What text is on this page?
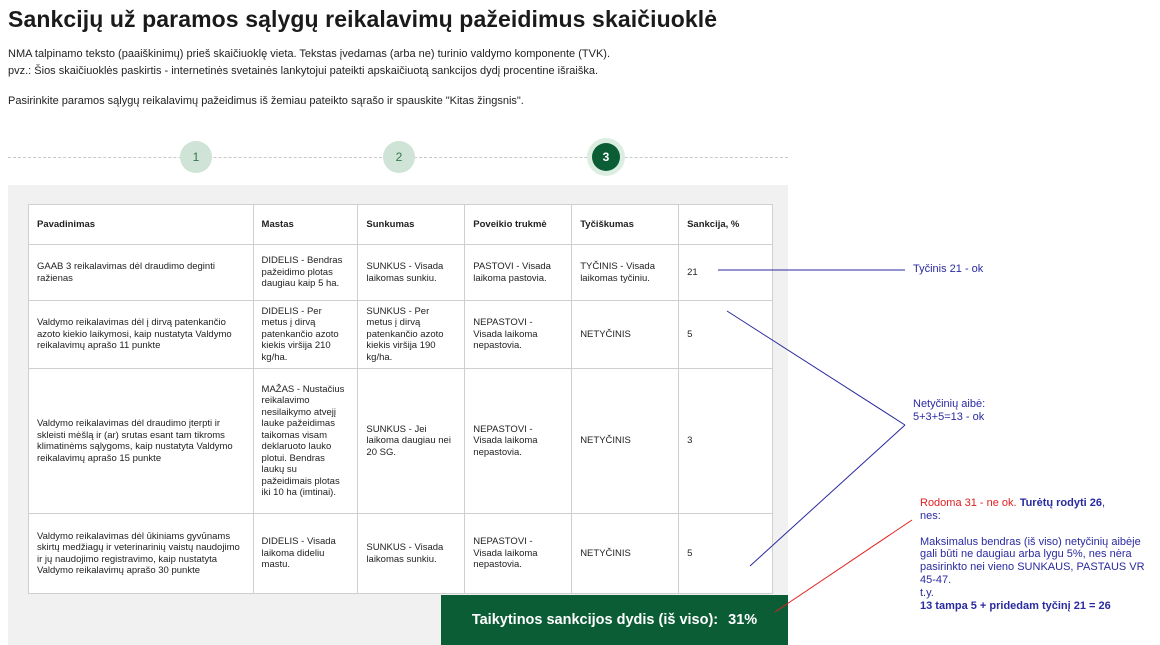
Sankcijų už paramos sąlygų reikalavimų pažeidimus skaičiuoklė
NMA talpinamo teksto (paaiškinimų) prieš skaičiuoklę vieta. Tekstas įvedamas (arba ne) turinio valdymo komponente (TVK).
pvz.: Šios skaičiuoklės paskirtis - internetinės svetainės lankytojui pateikti apskaičiuotą sankcijos dydį procentine išraiška.
Pasirinkite paramos sąlygų reikalavimų pažeidimus iš žemiau pateikto sąrašo ir spauskite "Kitas žingsnis".
1	2	3
Pavadinimas	Mastas	Sunkumas	Poveikio trukmė	Tyčiškumas	Sankcija, %
GAAB 3 reikalavimas dėl draudimo deginti ražienas	DIDELIS - Bendras pažeidimo plotas daugiau kaip 5 ha.	SUNKUS - Visada laikomas sunkiu.	PASTOVI - Visada laikoma pastovia.	TYČINIS - Visada laikomas tyčiniu.	21
Valdymo reikalavimas dėl į dirvą patenkančio azoto kiekio laikymosi, kaip nustatyta Valdymo reikalavimų aprašo 11 punkte	DIDELIS - Per metus į dirvą patenkančio azoto kiekis viršija 210 kg/ha.	SUNKUS - Per metus į dirvą patenkančio azoto kiekis viršija 190 kg/ha.	NEPASTOVI - Visada laikoma nepastovia.	NETYČINIS	5
Valdymo reikalavimas dėl draudimo įterpti ir skleisti mėšlą ir (ar) srutas esant tam tikroms klimatinėms sąlygoms, kaip nustatyta Valdymo reikalavimų aprašo 15 punkte	MAŽAS - Nustačius reikalavimo nesilaikymo atvejį lauke pažeidimas taikomas visam deklaruoto lauko plotui. Bendras laukų su pažeidimais plotas iki 10 ha (imtinai).	SUNKUS - Jei laikoma daugiau nei 20 SG.	NEPASTOVI - Visada laikoma nepastovia.	NETYČINIS	3
Valdymo reikalavimas dėl ūkiniams gyvūnams skirtų medžiagų ir veterinarinių vaistų naudojimo ir jų naudojimo registravimo, kaip nustatyta Valdymo reikalavimų aprašo 30 punkte	DIDELIS - Visada laikoma dideliu mastu.	SUNKUS - Visada laikomas sunkiu.	NEPASTOVI - Visada laikoma nepastovia.	NETYČINIS	5
Taikytinos sankcijos dydis (iš viso): 31%
Tyčinis 21 - ok
Netyčinių aibė:
5+3+5=13 - ok
Rodoma 31 - ne ok. Turėtų rodyti 26,
nes:
Maksimalus bendras (iš viso) netyčinių aibėje gali būti ne daugiau arba lygu 5%, nes nėra pasirinkto nei vieno SUNKAUS, PASTAUS VR 45-47.
t.y.
13 tampa 5 + pridedam tyčinį 21 = 26
